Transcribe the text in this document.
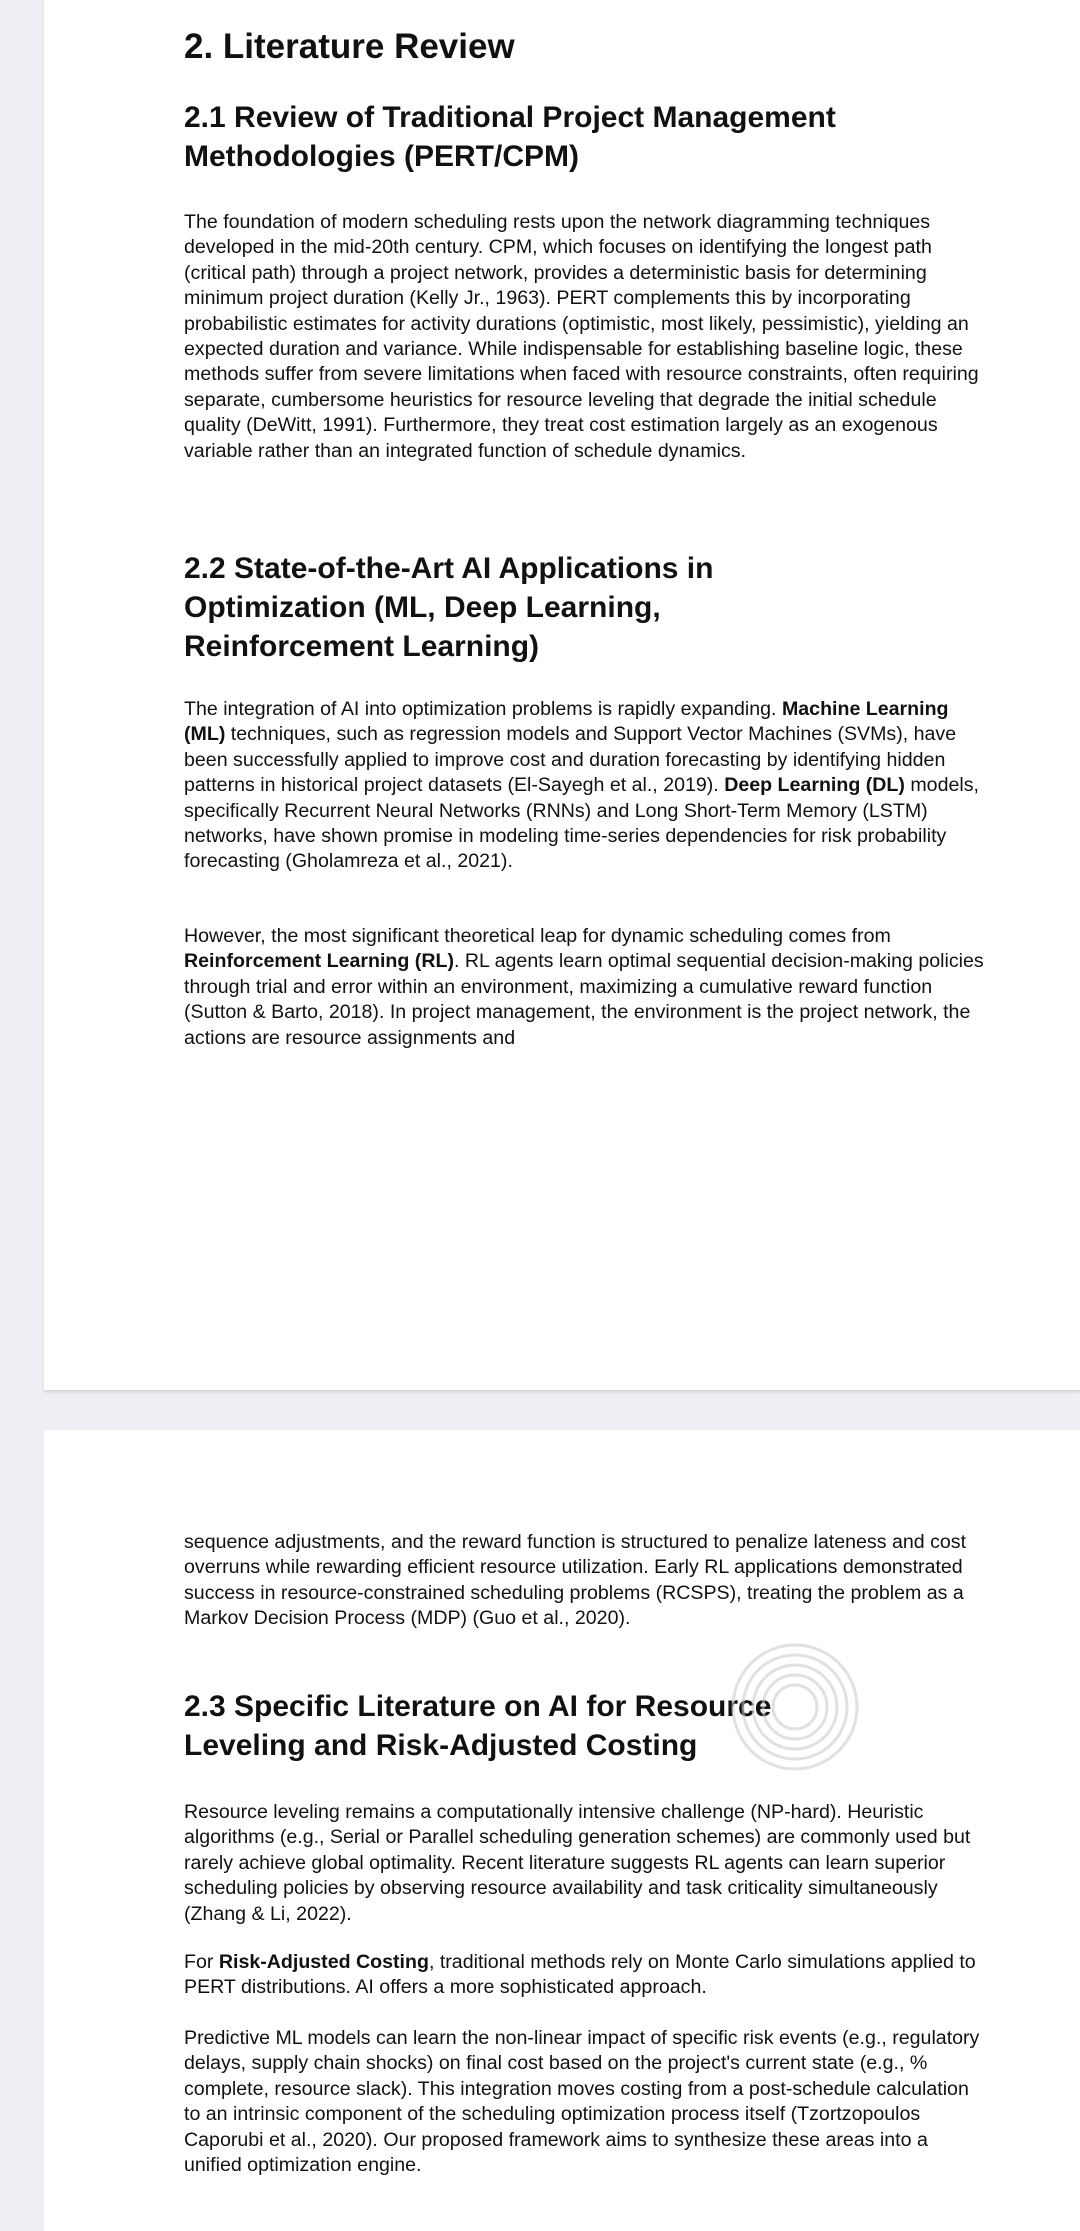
2. Literature Review
2.1 Review of Traditional Project Management Methodologies (PERT/CPM)

The foundation of modern scheduling rests upon the network diagramming techniques developed in the mid-20th century. CPM, which focuses on identifying the longest path (critical path) through a project network, provides a deterministic basis for determining minimum project duration (Kelly Jr., 1963). PERT complements this by incorporating probabilistic estimates for activity durations (optimistic, most likely, pessimistic), yielding an expected duration and variance. While indispensable for establishing baseline logic, these methods suffer from severe limitations when faced with resource constraints, often requiring separate, cumbersome heuristics for resource leveling that degrade the initial schedule quality (DeWitt, 1991). Furthermore, they treat cost estimation largely as an exogenous variable rather than an integrated function of schedule dynamics.

2.2 State-of-the-Art AI Applications in Optimization (ML, Deep Learning, Reinforcement Learning)

The integration of AI into optimization problems is rapidly expanding. Machine Learning (ML) techniques, such as regression models and Support Vector Machines (SVMs), have been successfully applied to improve cost and duration forecasting by identifying hidden patterns in historical project datasets (El-Sayegh et al., 2019). Deep Learning (DL) models, specifically Recurrent Neural Networks (RNNs) and Long Short-Term Memory (LSTM) networks, have shown promise in modeling time-series dependencies for risk probability forecasting (Gholamreza et al., 2021).

However, the most significant theoretical leap for dynamic scheduling comes from Reinforcement Learning (RL). RL agents learn optimal sequential decision-making policies through trial and error within an environment, maximizing a cumulative reward function (Sutton & Barto, 2018). In project management, the environment is the project network, the actions are resource assignments and

sequence adjustments, and the reward function is structured to penalize lateness and cost overruns while rewarding efficient resource utilization. Early RL applications demonstrated success in resource-constrained scheduling problems (RCSPS), treating the problem as a Markov Decision Process (MDP) (Guo et al., 2020).

2.3 Specific Literature on AI for Resource Leveling and Risk-Adjusted Costing

Resource leveling remains a computationally intensive challenge (NP-hard). Heuristic algorithms (e.g., Serial or Parallel scheduling generation schemes) are commonly used but rarely achieve global optimality. Recent literature suggests RL agents can learn superior scheduling policies by observing resource availability and task criticality simultaneously (Zhang & Li, 2022).

For Risk-Adjusted Costing, traditional methods rely on Monte Carlo simulations applied to PERT distributions. AI offers a more sophisticated approach.

Predictive ML models can learn the non-linear impact of specific risk events (e.g., regulatory delays, supply chain shocks) on final cost based on the project's current state (e.g., % complete, resource slack). This integration moves costing from a post-schedule calculation to an intrinsic component of the scheduling optimization process itself (Tzortzopoulos Caporubi et al., 2020). Our proposed framework aims to synthesize these areas into a unified optimization engine.
